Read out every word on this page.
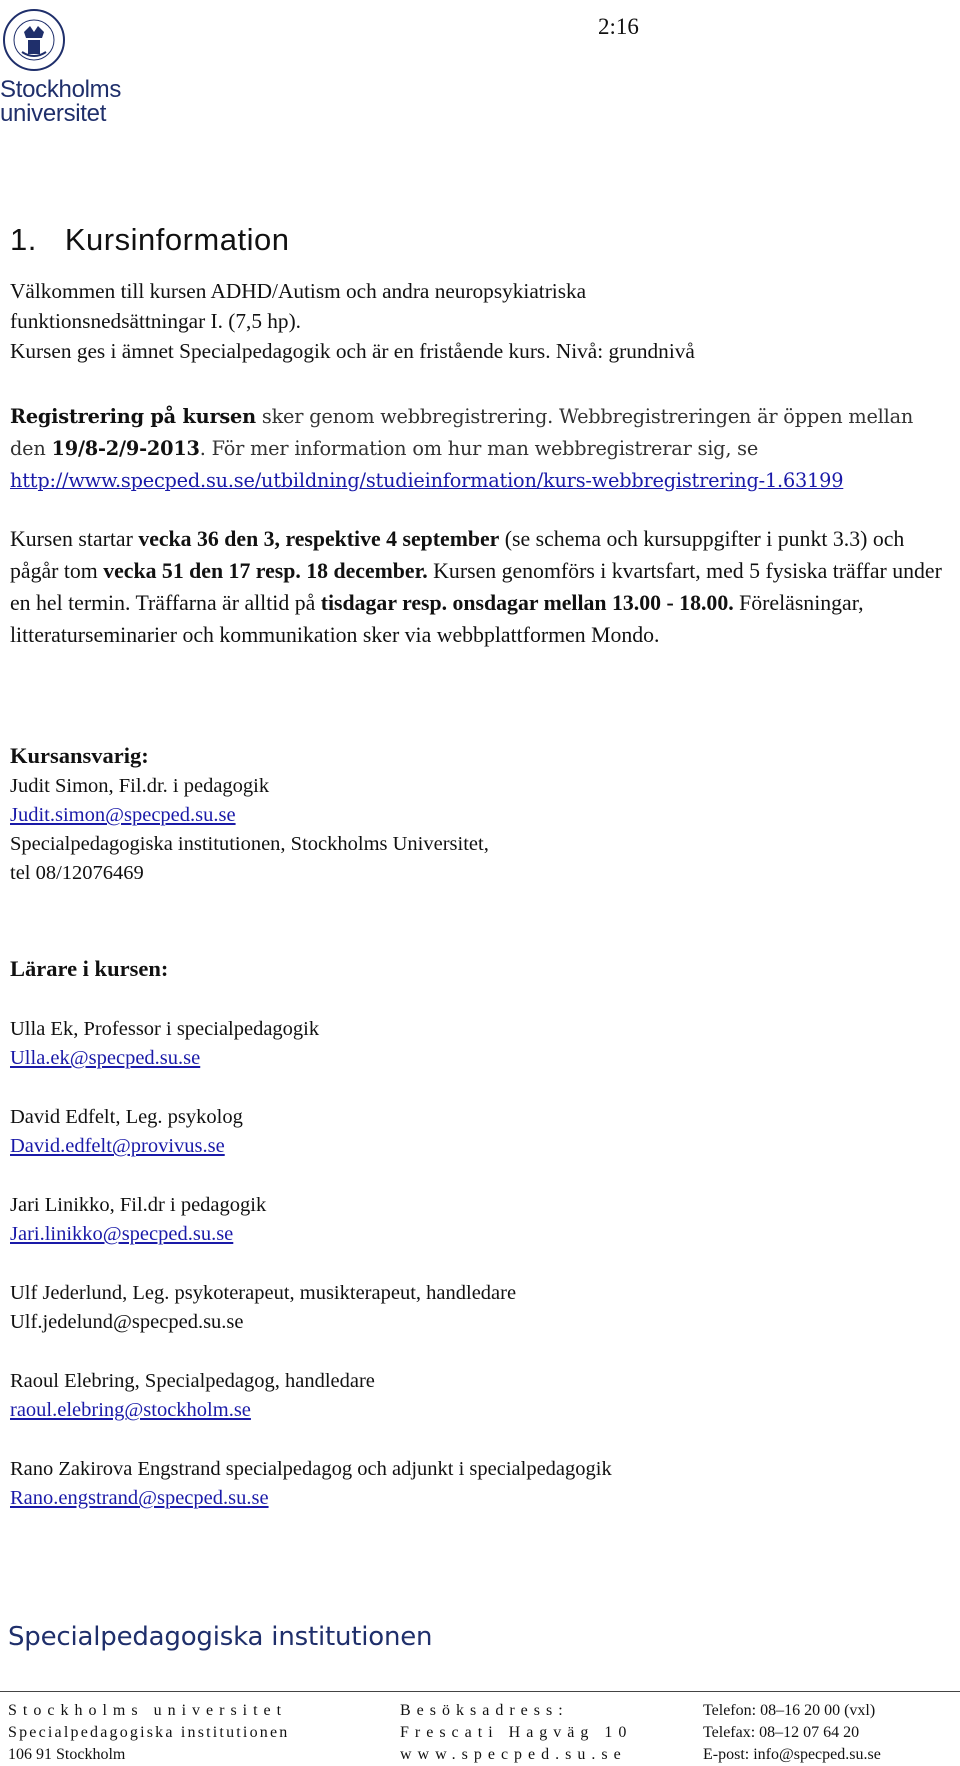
Stockholms
universitet
2:16
1. Kursinformation
Välkommen till kursen ADHD/Autism och andra neuropsykiatriska
funktionsnedsättningar I. (7,5 hp).
Kursen ges i ämnet Specialpedagogik och är en fristående kurs. Nivå: grundnivå
Registrering på kursen sker genom webbregistrering. Webbregistreringen är öppen mellan den 19/8-2/9-2013. För mer information om hur man webbregistrerar sig, se
http://www.specped.su.se/utbildning/studieinformation/kurs-webbregistrering-1.63199
Kursen startar vecka 36 den 3, respektive 4 september (se schema och kursuppgifter i punkt 3.3) och pågår tom vecka 51 den 17 resp. 18 december. Kursen genomförs i kvartsfart, med 5 fysiska träffar under en hel termin. Träffarna är alltid på tisdagar resp. onsdagar mellan 13.00 - 18.00. Föreläsningar, litteraturseminarier och kommunikation sker via webbplattformen Mondo.
Kursansvarig:
Judit Simon, Fil.dr. i pedagogik
Judit.simon@specped.su.se
Specialpedagogiska institutionen, Stockholms Universitet,
tel 08/12076469
Lärare i kursen:
Ulla Ek, Professor i specialpedagogik
Ulla.ek@specped.su.se
David Edfelt, Leg. psykolog
David.edfelt@provivus.se
Jari Linikko, Fil.dr i pedagogik
Jari.linikko@specped.su.se
Ulf Jederlund, Leg. psykoterapeut, musikterapeut, handledare
Ulf.jedelund@specped.su.se
Raoul Elebring, Specialpedagog, handledare
raoul.elebring@stockholm.se
Rano Zakirova Engstrand specialpedagog och adjunkt i specialpedagogik
Rano.engstrand@specped.su.se
Specialpedagogiska institutionen
Stockholms universitet
Specialpedagogiska institutionen
106 91 Stockholm
Besöksadress:
Frescati Hagväg 10
www.specped.su.se
Telefon: 08–16 20 00 (vxl)
Telefax: 08–12 07 64 20
E-post: info@specped.su.se
